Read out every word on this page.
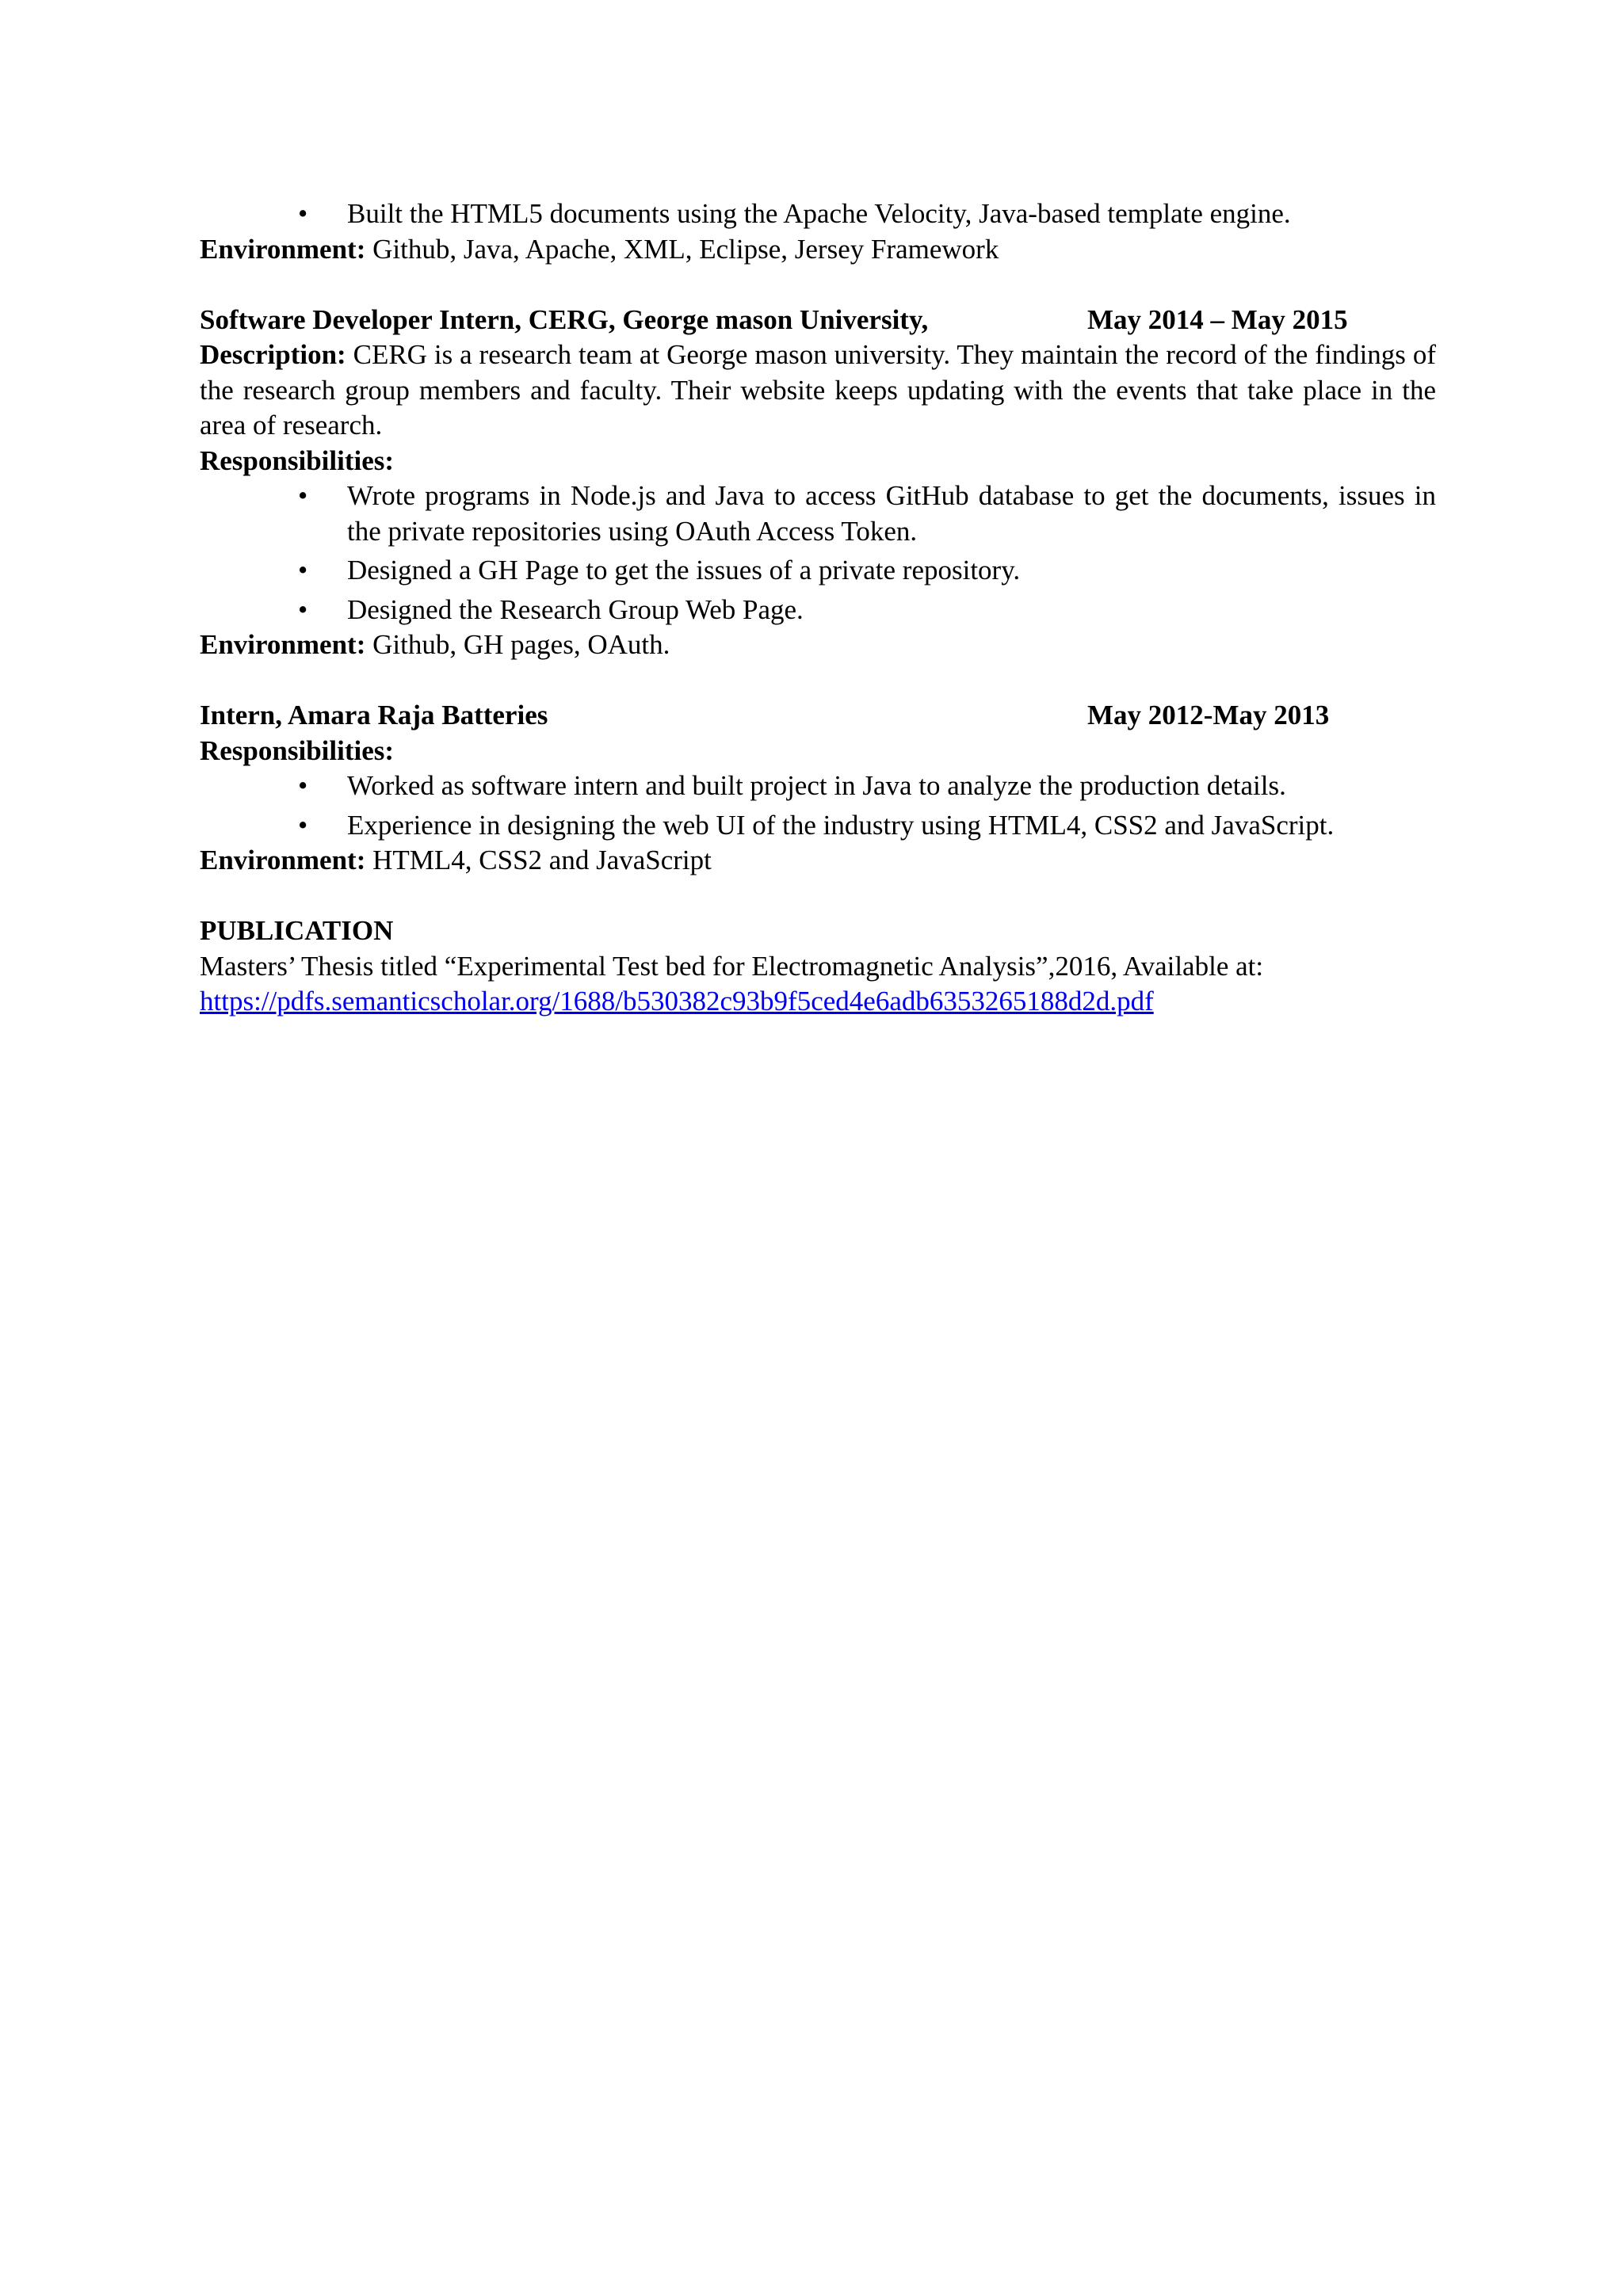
• Built the HTML5 documents using the Apache Velocity, Java-based template engine.

Environment: Github, Java, Apache, XML, Eclipse, Jersey Framework

Software Developer Intern, CERG, George mason University,	May 2014 – May 2015

Description: CERG is a research team at George mason university. They maintain the record of the findings of the research group members and faculty. Their website keeps updating with the events that take place in the area of research.

Responsibilities:

• Wrote programs in Node.js and Java to access GitHub database to get the documents, issues in the private repositories using OAuth Access Token.
• Designed a GH Page to get the issues of a private repository.
• Designed the Research Group Web Page.

Environment: Github, GH pages, OAuth.

Intern, Amara Raja Batteries	May 2012-May 2013

Responsibilities:

• Worked as software intern and built project in Java to analyze the production details.
• Experience in designing the web UI of the industry using HTML4, CSS2 and JavaScript.

Environment: HTML4, CSS2 and JavaScript

PUBLICATION

Masters’ Thesis titled “Experimental Test bed for Electromagnetic Analysis”,2016, Available at:

https://pdfs.semanticscholar.org/1688/b530382c93b9f5ced4e6adb6353265188d2d.pdf
